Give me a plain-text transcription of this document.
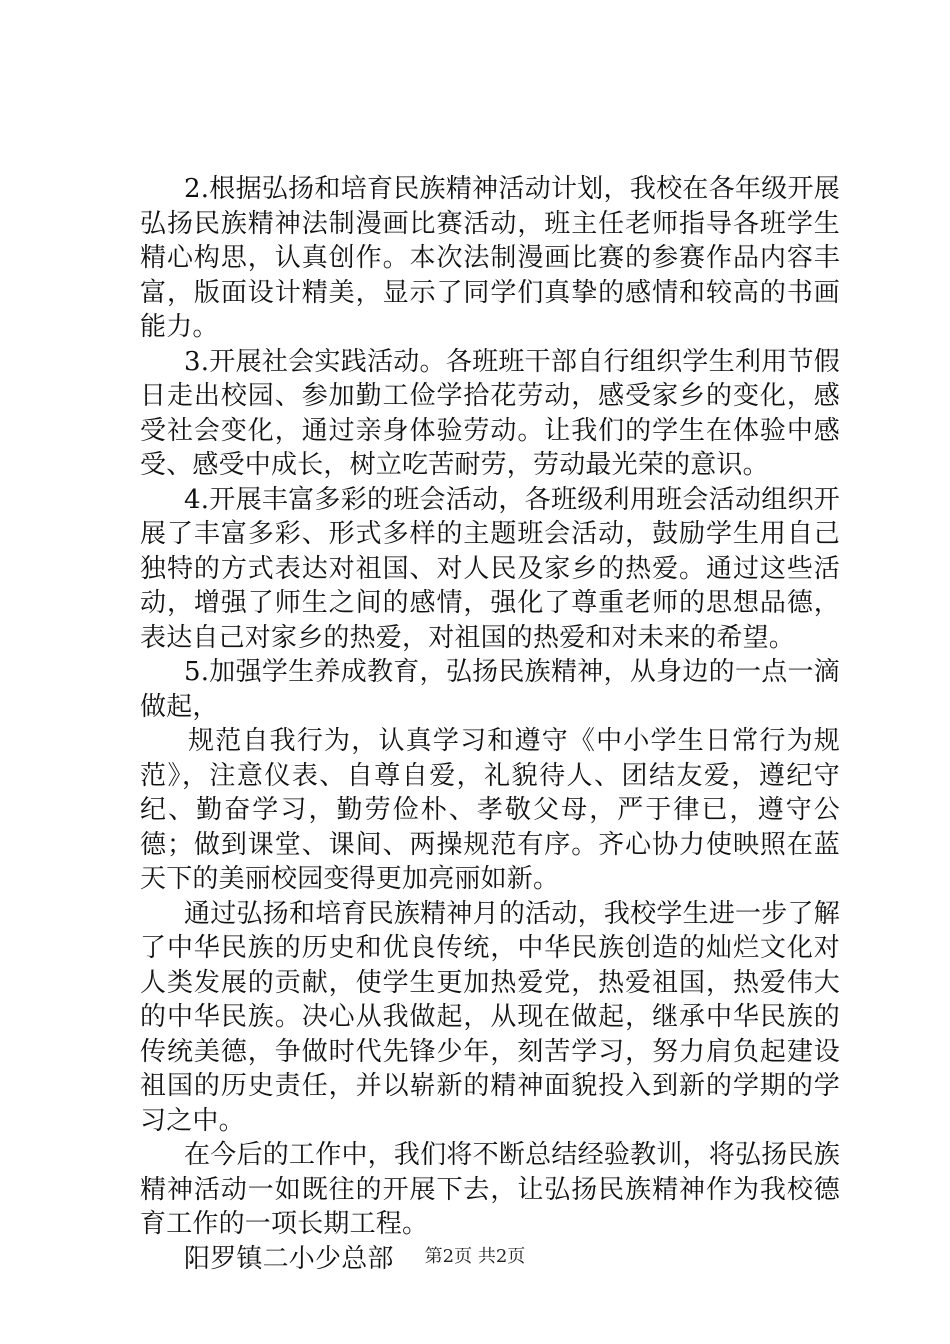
2.根据弘扬和培育民族精神活动计划，我校在各年级开展弘扬民族精神法制漫画比赛活动，班主任老师指导各班学生精心构思，认真创作。本次法制漫画比赛的参赛作品内容丰富，版面设计精美，显示了同学们真挚的感情和较高的书画能力。

3.开展社会实践活动。各班班干部自行组织学生利用节假日走出校园、参加勤工俭学拾花劳动，感受家乡的变化，感受社会变化，通过亲身体验劳动。让我们的学生在体验中感受、感受中成长，树立吃苦耐劳，劳动最光荣的意识。

4.开展丰富多彩的班会活动，各班级利用班会活动组织开展了丰富多彩、形式多样的主题班会活动，鼓励学生用自己独特的方式表达对祖国、对人民及家乡的热爱。通过这些活动，增强了师生之间的感情，强化了尊重老师的思想品德，表达自己对家乡的热爱，对祖国的热爱和对未来的希望。

5.加强学生养成教育，弘扬民族精神，从身边的一点一滴做起，

规范自我行为，认真学习和遵守《中小学生日常行为规范》，注意仪表、自尊自爱，礼貌待人、团结友爱，遵纪守纪、勤奋学习，勤劳俭朴、孝敬父母，严于律已，遵守公德；做到课堂、课间、两操规范有序。齐心协力使映照在蓝天下的美丽校园变得更加亮丽如新。

通过弘扬和培育民族精神月的活动，我校学生进一步了解了中华民族的历史和优良传统，中华民族创造的灿烂文化对人类发展的贡献，使学生更加热爱党，热爱祖国，热爱伟大的中华民族。决心从我做起，从现在做起，继承中华民族的传统美德，争做时代先锋少年，刻苦学习，努力肩负起建设祖国的历史责任，并以崭新的精神面貌投入到新的学期的学习之中。

在今后的工作中，我们将不断总结经验教训，将弘扬民族精神活动一如既往的开展下去，让弘扬民族精神作为我校德育工作的一项长期工程。

阳罗镇二小少总部	第2页 共2页
